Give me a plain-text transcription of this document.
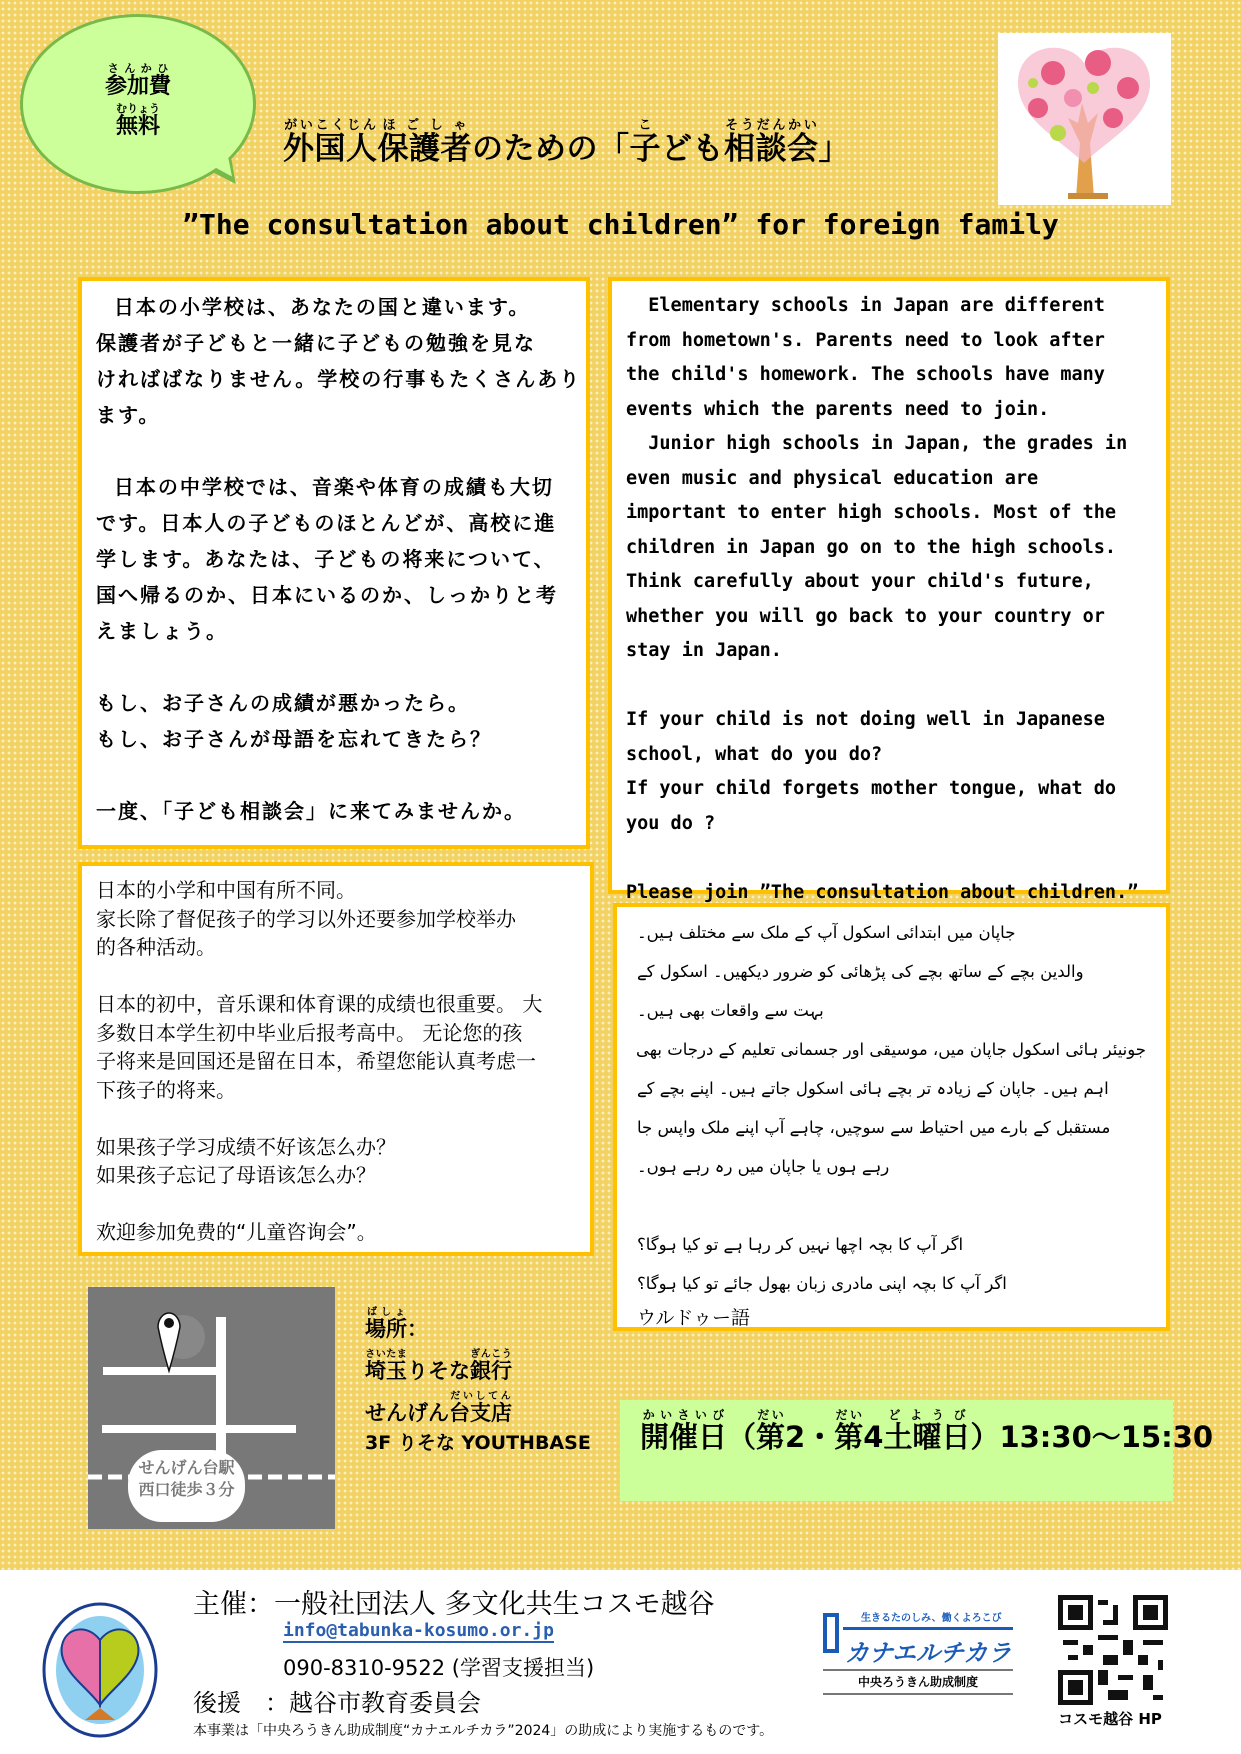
参加費さんかひ
無料むりょう
外国人がいこくじん保護者ほごしゃのための「子こども相談会そうだんかい」
”The consultation about children” for foreign family
日本の小学校は、あなたの国と違います。
保護者が子どもと一緒に子どもの勉強を見な
ければばなりません。学校の行事もたくさんあり
ます。

日本の中学校では、音楽や体育の成績も大切
です。日本人の子どものほとんどが、高校に進
学します。あなたは、子どもの将来について、
国へ帰るのか、日本にいるのか、しっかりと考
えましょう。

もし、お子さんの成績が悪かったら。
もし、お子さんが母語を忘れてきたら？

一度、「子ども相談会」に来てみませんか。
Elementary schools in Japan are different
from hometown's. Parents need to look after
the child's homework. The schools have many
events which the parents need to join.
Junior high schools in Japan, the grades in
even music and physical education are
important to enter high schools. Most of the
children in Japan go on to the high schools.
Think carefully about your child's future,
whether you will go back to your country or
stay in Japan.

If your child is not doing well in Japanese
school, what do you do?
If your child forgets mother tongue, what do
you do ?

Please join ”The consultation about children.”
日本的小学和中国有所不同。
家长除了督促孩子的学习以外还要参加学校举办
的各种活动。

日本的初中，音乐课和体育课的成绩也很重要。 大
多数日本学生初中毕业后报考高中。 无论您的孩
子将来是回国还是留在日本，希望您能认真考虑一
下孩子的将来。

如果孩子学习成绩不好该怎么办？
如果孩子忘记了母语该怎么办？

欢迎参加免费的“儿童咨询会”。
جاپان میں ابتدائی اسکول آپ کے ملک سے مختلف ہیں۔
والدین بچے کے ساتھ بچے کی پڑھائی کو ضرور دیکھیں۔ اسکول کے
بہت سے واقعات بھی ہیں۔
جونیئر ہائی اسکول جاپان میں، موسیقی اور جسمانی تعلیم کے درجات بھی
اہم ہیں۔ جاپان کے زیادہ تر بچے ہائی اسکول جاتے ہیں۔ اپنے بچے کے
مستقبل کے بارے میں احتیاط سے سوچیں، چاہے آپ اپنے ملک واپس جا
رہے ہوں یا جاپان میں رہ رہے ہوں۔

اگر آپ کا بچہ اچھا نہیں کر رہا ہے تو کیا ہوگا؟
اگر آپ کا بچہ اپنی مادری زبان بھول جائے تو کیا ہوگا؟
ウルドゥー語
せんげん台駅
西口徒歩３分
場所ばしょ：
埼玉さいたまりそな銀行ぎんこう
せんげん台支店だいしてん
3F りそな YOUTHBASE 開催日かいさいび（第だい2・第だい4土曜日どようび）13:30～15:30
主催：一般社団法人 多文化共生コスモ越谷
info@tabunka-kosumo.or.jp
090-8310-9522 (学習支援担当)
後援　：越谷市教育委員会
本事業は「中央ろうきん助成制度“カナエルチカラ”2024」の助成により実施するものです。
生きるたのしみ、働くよろこび
カナエルチカラ
中央ろうきん助成制度
コスモ越谷 HP
